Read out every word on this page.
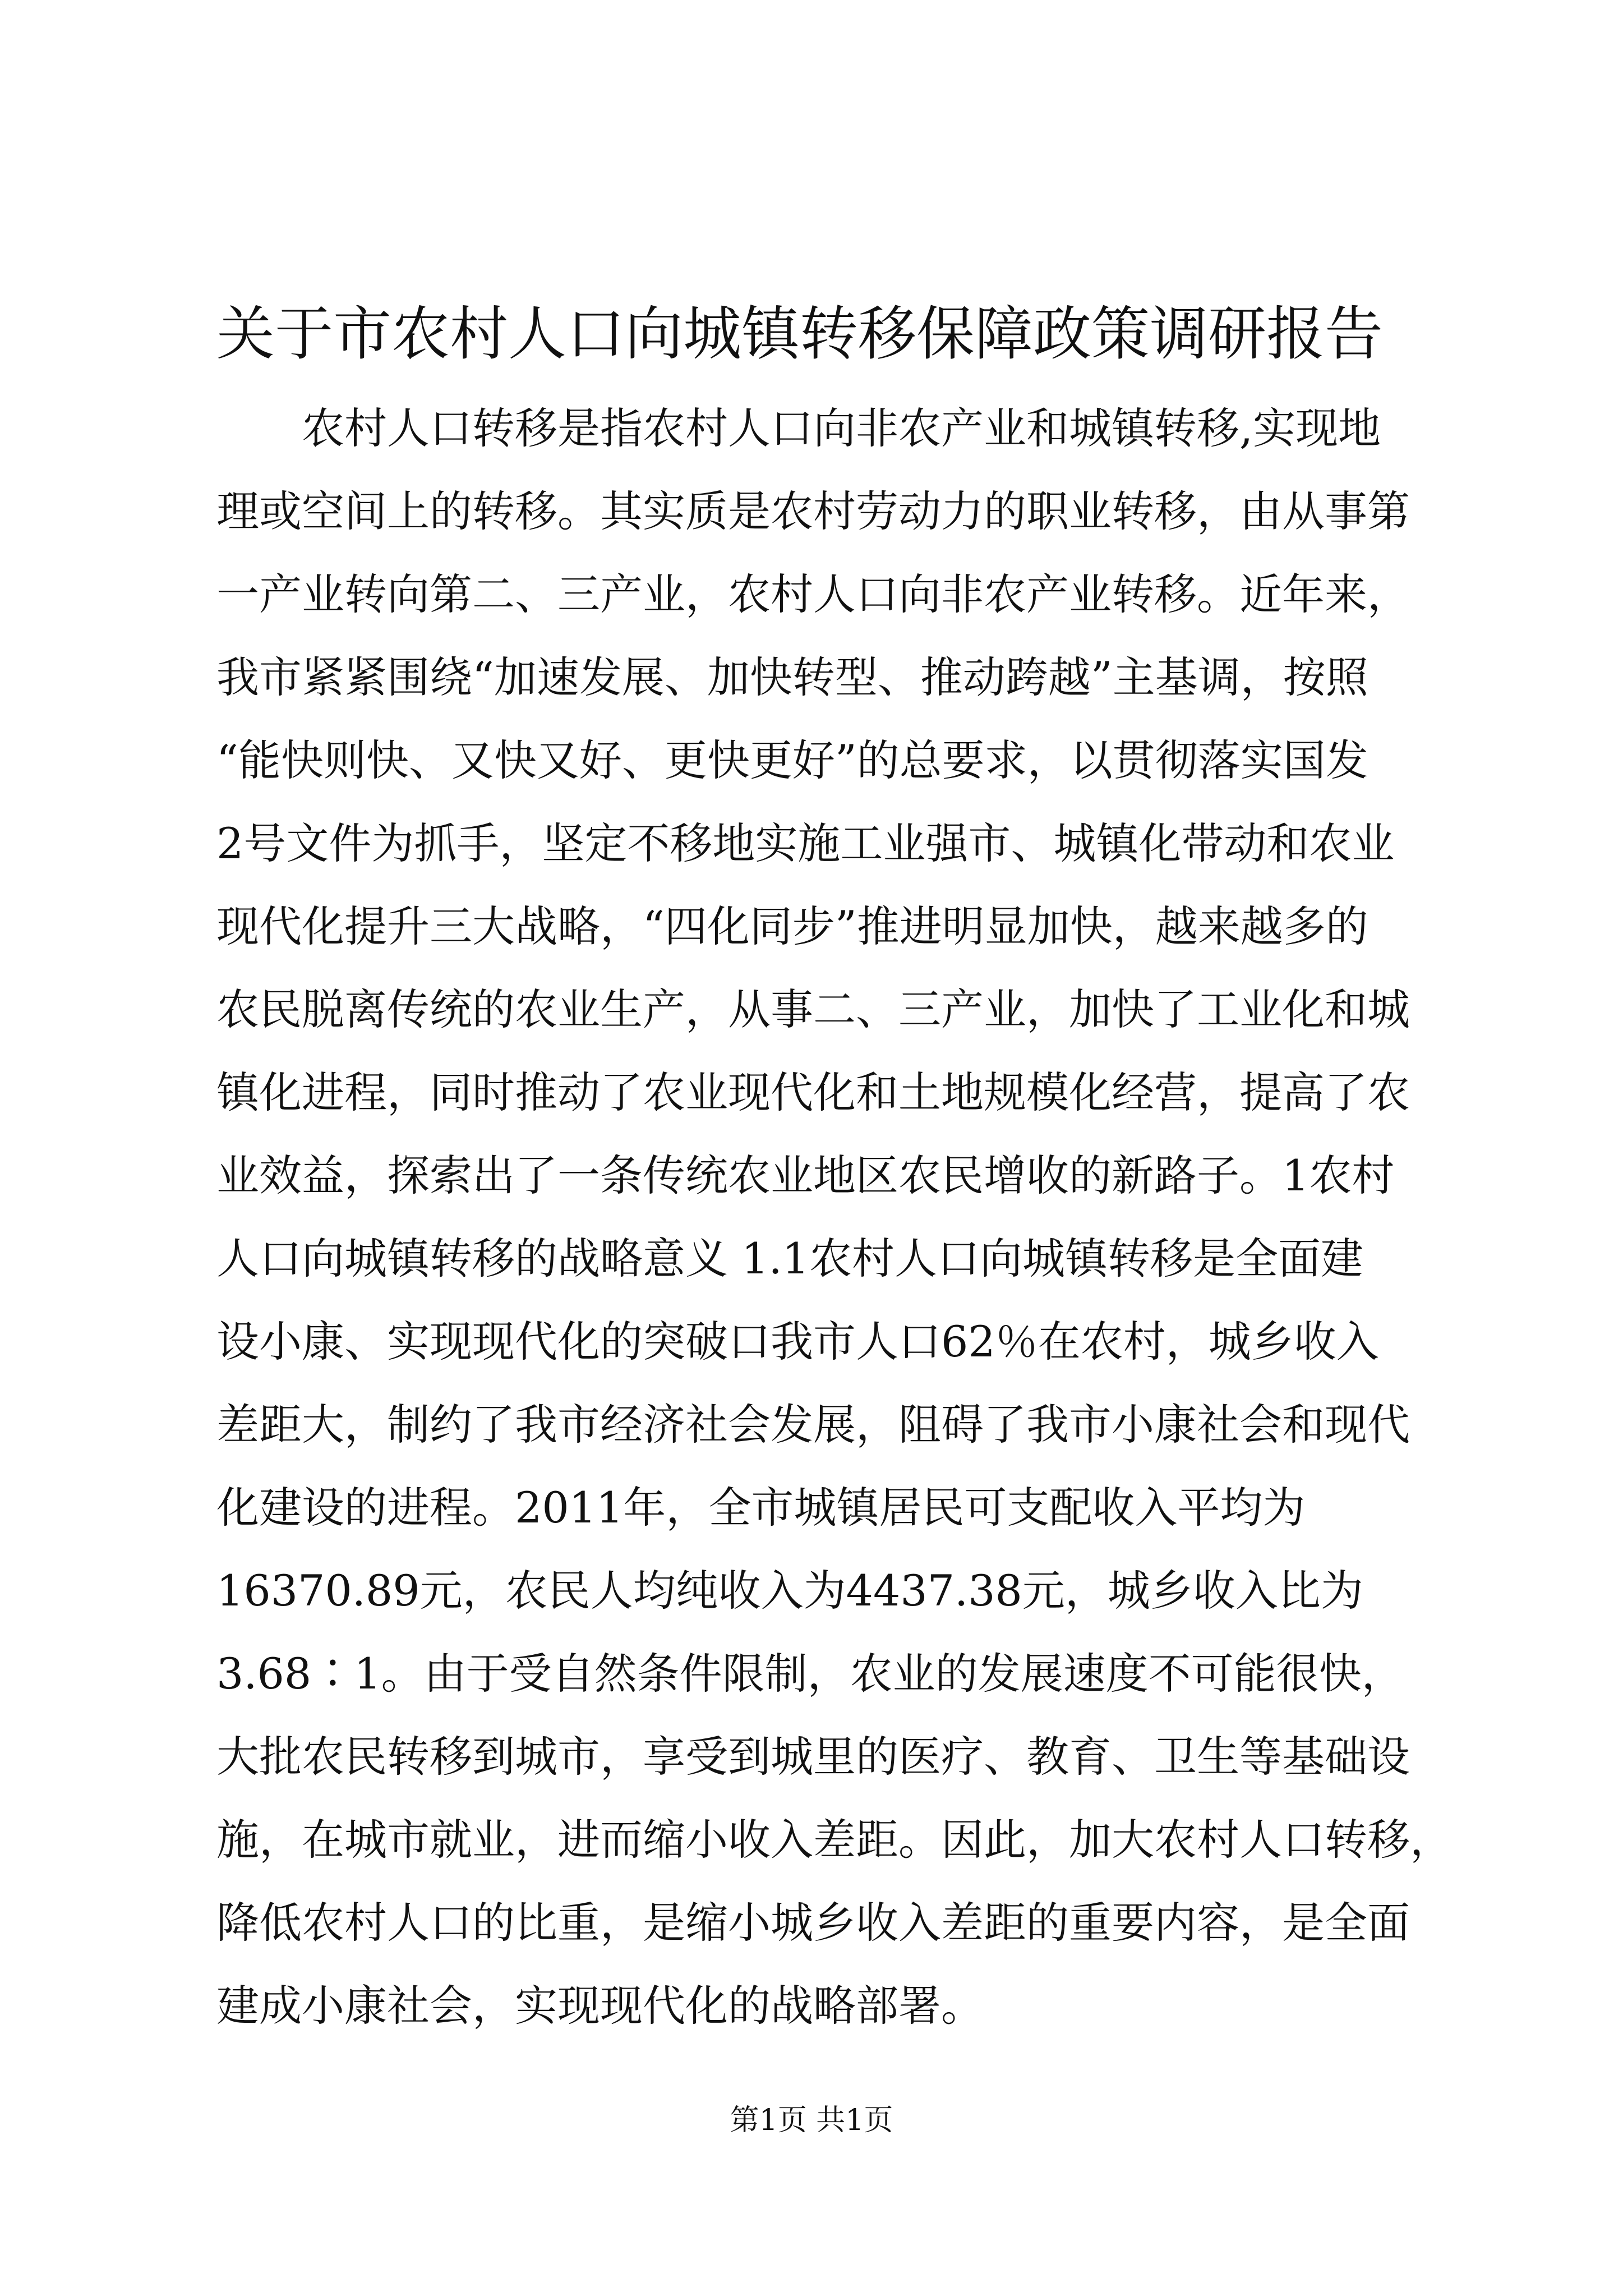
关于市农村人口向城镇转移保障政策调研报告
农村人口转移是指农村人口向非农产业和城镇转移,实现地
理或空间上的转移。其实质是农村劳动力的职业转移，由从事第
一产业转向第二、三产业，农村人口向非农产业转移。近年来，
我市紧紧围绕“加速发展、加快转型、推动跨越”主基调，按照
“能快则快、又快又好、更快更好”的总要求，以贯彻落实国发
2号文件为抓手，坚定不移地实施工业强市、城镇化带动和农业
现代化提升三大战略，“四化同步”推进明显加快，越来越多的
农民脱离传统的农业生产，从事二、三产业，加快了工业化和城
镇化进程，同时推动了农业现代化和土地规模化经营，提高了农
业效益，探索出了一条传统农业地区农民增收的新路子。1农村
人口向城镇转移的战略意义 1.1农村人口向城镇转移是全面建
设小康、实现现代化的突破口我市人口62％在农村，城乡收入
差距大，制约了我市经济社会发展，阻碍了我市小康社会和现代
化建设的进程。2011年，全市城镇居民可支配收入平均为
16370.89元，农民人均纯收入为4437.38元，城乡收入比为
3.68∶1。由于受自然条件限制，农业的发展速度不可能很快，
大批农民转移到城市，享受到城里的医疗、教育、卫生等基础设
施，在城市就业，进而缩小收入差距。因此，加大农村人口转移，
降低农村人口的比重，是缩小城乡收入差距的重要内容，是全面
建成小康社会，实现现代化的战略部署。
第1页 共1页
